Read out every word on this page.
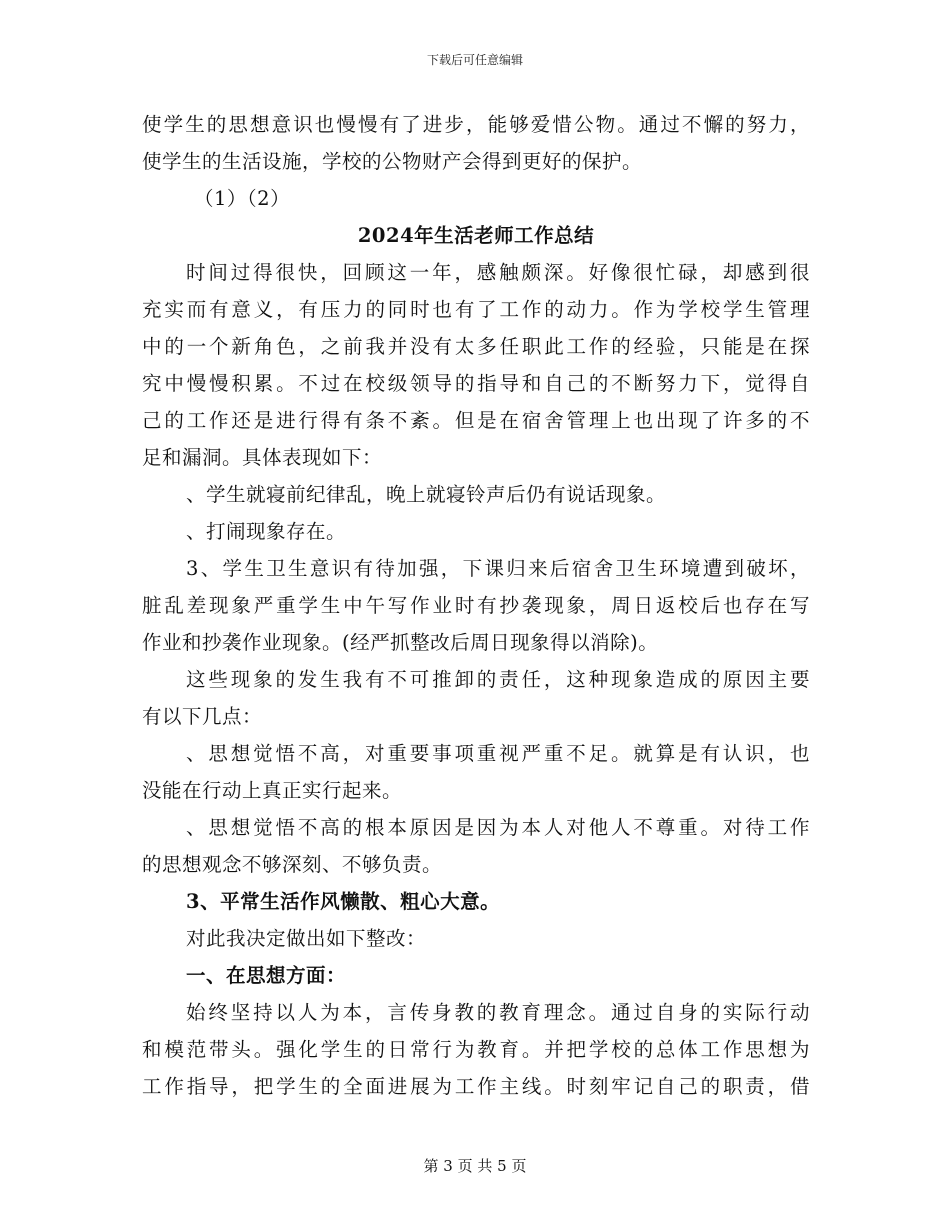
下载后可任意编辑
使学生的思想意识也慢慢有了进步，能够爱惜公物。通过不懈的努力，
使学生的生活设施，学校的公物财产会得到更好的保护。
（1）（2）
2024年生活老师工作总结
时间过得很快，回顾这一年，感触颇深。好像很忙碌，却感到很
充实而有意义，有压力的同时也有了工作的动力。作为学校学生管理
中的一个新角色，之前我并没有太多任职此工作的经验，只能是在探
究中慢慢积累。不过在校级领导的指导和自己的不断努力下，觉得自
己的工作还是进行得有条不紊。但是在宿舍管理上也出现了许多的不
足和漏洞。具体表现如下：
、学生就寝前纪律乱，晚上就寝铃声后仍有说话现象。
、打闹现象存在。
3、学生卫生意识有待加强，下课归来后宿舍卫生环境遭到破坏，
脏乱差现象严重学生中午写作业时有抄袭现象，周日返校后也存在写
作业和抄袭作业现象。(经严抓整改后周日现象得以消除)。
这些现象的发生我有不可推卸的责任，这种现象造成的原因主要
有以下几点：
、思想觉悟不高，对重要事项重视严重不足。就算是有认识，也
没能在行动上真正实行起来。
、思想觉悟不高的根本原因是因为本人对他人不尊重。对待工作
的思想观念不够深刻、不够负责。
3、平常生活作风懒散、粗心大意。
对此我决定做出如下整改：
一、在思想方面：
始终坚持以人为本，言传身教的教育理念。通过自身的实际行动
和模范带头。强化学生的日常行为教育。并把学校的总体工作思想为
工作指导，把学生的全面进展为工作主线。时刻牢记自己的职责，借
第 3 页 共 5 页
